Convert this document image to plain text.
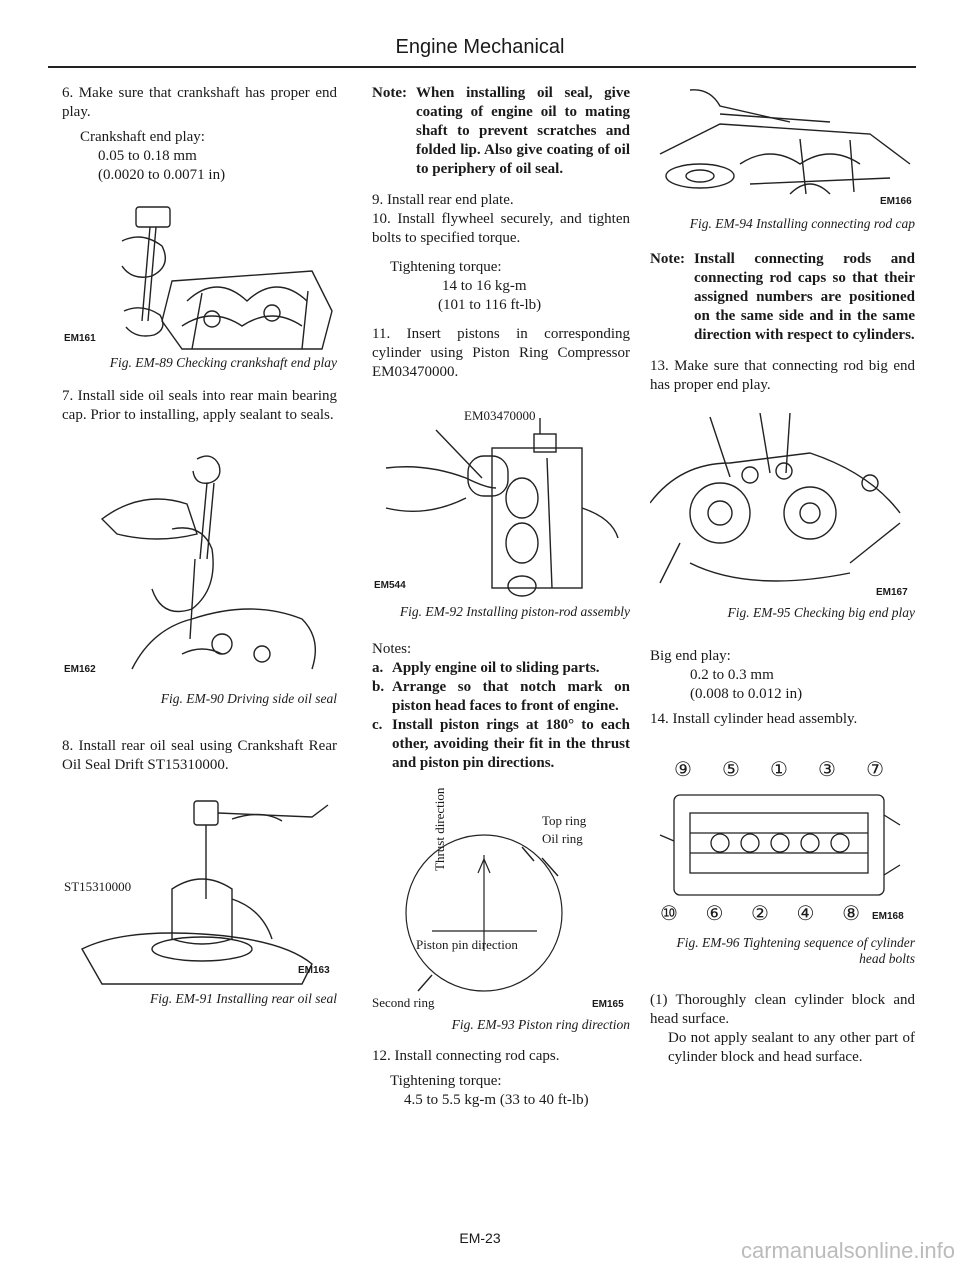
Engine Mechanical

6. Make sure that crankshaft has proper end play.

Crankshaft end play:

0.05 to 0.18 mm

(0.0020 to 0.0071 in)

EM161

Fig. EM-89 Checking crankshaft end play

7. Install side oil seals into rear main bearing cap. Prior to installing, apply sealant to seals.

EM162

Fig. EM-90 Driving side oil seal

8. Install rear oil seal using Crankshaft Rear Oil Seal Drift ST15310000.

ST15310000
EM163

Fig. EM-91 Installing rear oil seal

Note: When installing oil seal, give coating of engine oil to mating shaft to prevent scratches and folded lip. Also give coating of oil to periphery of oil seal.

9. Install rear end plate.

10. Install flywheel securely, and tighten bolts to specified torque.

Tightening torque:

14 to 16 kg-m

(101 to 116 ft-lb)

11. Insert pistons in corresponding cylinder using Piston Ring Compressor EM03470000.

EM03470000
EM544

Fig. EM-92 Installing piston-rod assembly

Notes:

a. Apply engine oil to sliding parts.
b. Arrange so that notch mark on piston head faces to front of engine.
c. Install piston rings at 180° to each other, avoiding their fit in the thrust and piston pin directions.
Top ring
Oil ring
Thrust direction
Piston pin direction
Second ring	EM165

Fig. EM-93 Piston ring direction

12. Install connecting rod caps.

Tightening torque:

4.5 to 5.5 kg-m (33 to 40 ft-lb)

EM166

Fig. EM-94 Installing connecting rod cap

Note: Install connecting rods and connecting rod caps so that their assigned numbers are positioned on the same side and in the same direction with respect to cylinders.

13. Make sure that connecting rod big end has proper end play.

EM167

Fig. EM-95 Checking big end play

Big end play:

0.2 to 0.3 mm

(0.008 to 0.012 in)

14. Install cylinder head assembly.

⑨ ⑤ ① ③ ⑦
⑩ ⑥ ② ④ ⑧ EM168

Fig. EM-96 Tightening sequence of cylinder head bolts

(1) Thoroughly clean cylinder block and head surface.

Do not apply sealant to any other part of cylinder block and head surface.

EM-23	carmanualsonline.info
